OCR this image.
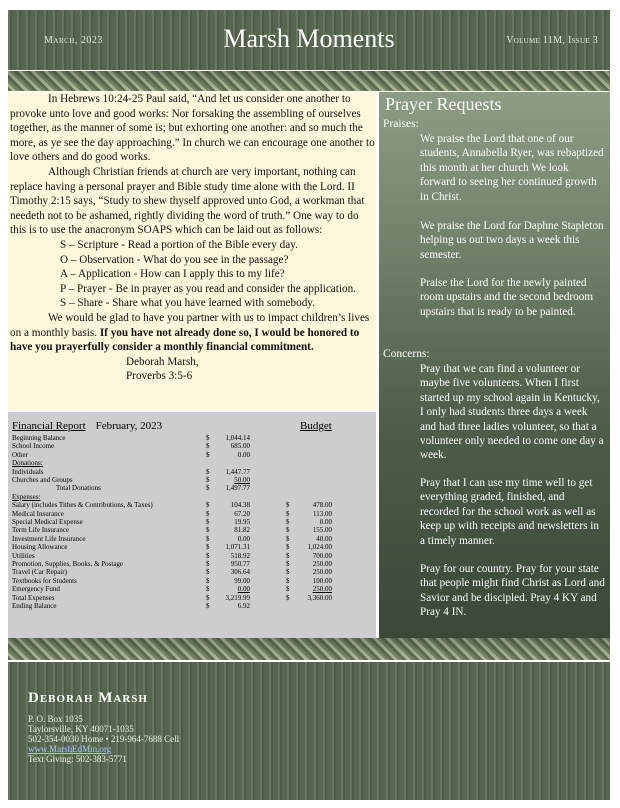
March, 2023	Marsh Moments	Volume 11M, Issue 3

In Hebrews 10:24-25 Paul said, “And let us consider one another to provoke unto love and good works: Nor forsaking the assembling of ourselves together, as the manner of some is; but exhorting one another: and so much the more, as ye see the day approaching.” In church we can encourage one another to love others and do good works.

Although Christian friends at church are very important, nothing can replace having a personal prayer and Bible study time alone with the Lord. II Timothy 2:15 says, “Study to shew thyself approved unto God, a workman that needeth not to be ashamed, rightly dividing the word of truth.” One way to do this is to use the anacronym SOAPS which can be laid out as follows:

S – Scripture - Read a portion of the Bible every day.
O – Observation - What do you see in the passage?
A – Application - How can I apply this to my life?
P – Prayer - Be in prayer as you read and consider the application.
S – Share - Share what you have learned with somebody.

We would be glad to have you partner with us to impact children’s lives on a monthly basis. If you have not already done so, I would be honored to have you prayerfully consider a monthly financial commitment.

Deborah Marsh,
Proverbs 3:5-6
Financial Report February, 2023	Budget
Beginning Balance	$	1,044.14
School Income	$	685.00
Other	$	0.00
Donations:
Individuals	$	1,447.77
Churches and Groups	$	50.00
Total Donations	$	1,497.77
Expenses:
Salary (includes Tithes & Contributions, & Taxes)	$	104.38	$	478.00
Medical Insurance	$	67.20	$	113.00
Special Medical Expense	$	19.95	$	0.00
Term Life Insurance	$	81.82	$	155.00
Investment Life Insurance	$	0.00	$	40.00
Housing Allowance	$	1,071.31	$	1,024.00
Utilities	$	518.92	$	700.00
Promotion, Supplies, Books, & Postage	$	950.77	$	250.00
Travel (Car Repair)	$	306.64	$	250.00
Textbooks for Students	$	99.00	$	100.00
Emergency Fund	$	0.00	$	250.00
Total Expenses	$	3,219.99	$	3,360.00
Ending Balance	$	6.92
Prayer Requests
Praises:
We praise the Lord that one of our students, Annabella Ryer, was rebaptized this month at her church We look forward to seeing her continued growth in Christ.
We praise the Lord for Daphne Stapleton helping us out two days a week this semester.
Praise the Lord for the newly painted room upstairs and the second bedroom upstairs that is ready to be painted.
Concerns:
Pray that we can find a volunteer or maybe five volunteers. When I first started up my school again in Kentucky, I only had students three days a week and had three ladies volunteer, so that a volunteer only needed to come one day a week.
Pray that I can use my time well to get everything graded, finished, and recorded for the school work as well as keep up with receipts and newsletters in a timely manner.
Pray for our country. Pray for your state that people might find Christ as Lord and Savior and be discipled. Pray 4 KY and Pray 4 IN.
Deborah Marsh
P. O. Box 1035
Taylorsville, KY 40071-1035
502-354-0030 Home • 219-964-7688 Cell
www.MarshEdMin.org
Text Giving: 502-383-5771
